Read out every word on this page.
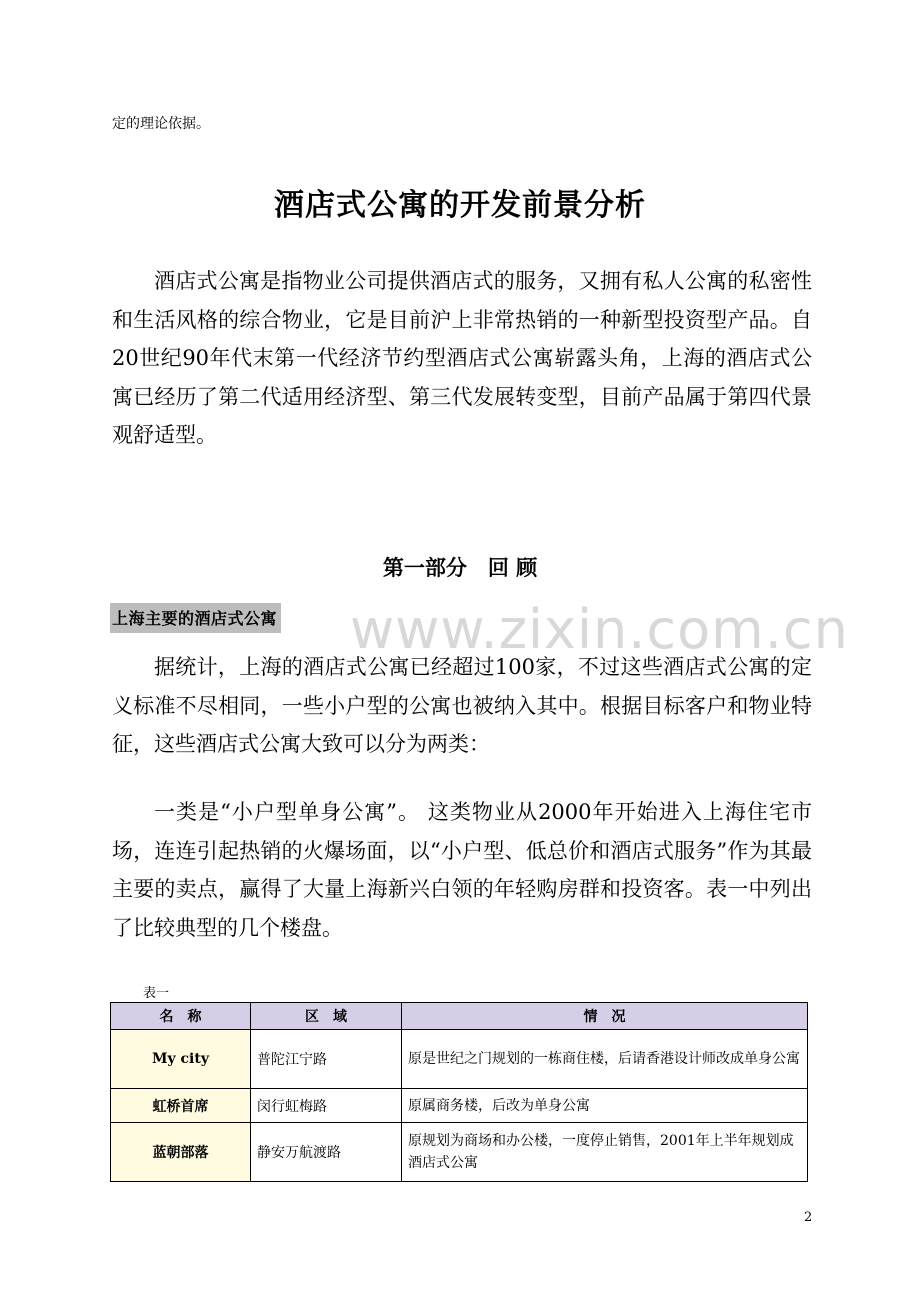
定的理论依据。
酒店式公寓的开发前景分析

酒店式公寓是指物业公司提供酒店式的服务，又拥有私人公寓的私密性和生活风格的综合物业，它是目前沪上非常热销的一种新型投资型产品。自20世纪90年代末第一代经济节约型酒店式公寓崭露头角，上海的酒店式公寓已经历了第二代适用经济型、第三代发展转变型，目前产品属于第四代景观舒适型。

第一部分　回 顾
上海主要的酒店式公寓 www.zixin.com.cn

据统计，上海的酒店式公寓已经超过100家，不过这些酒店式公寓的定义标准不尽相同，一些小户型的公寓也被纳入其中。根据目标客户和物业特征，这些酒店式公寓大致可以分为两类：

一类是“小户型单身公寓”。 这类物业从2000年开始进入上海住宅市场，连连引起热销的火爆场面，以“小户型、低总价和酒店式服务”作为其最主要的卖点，赢得了大量上海新兴白领的年轻购房群和投资客。表一中列出了比较典型的几个楼盘。

表一
名　称	区　域	情　况
My city	普陀江宁路	原是世纪之门规划的一栋商住楼，后请香港设计师改成单身公寓
虹桥首席	闵行虹梅路	原属商务楼，后改为单身公寓
蓝朝部落	静安万航渡路	原规划为商场和办公楼，一度停止销售，2001年上半年规划成酒店式公寓
2
